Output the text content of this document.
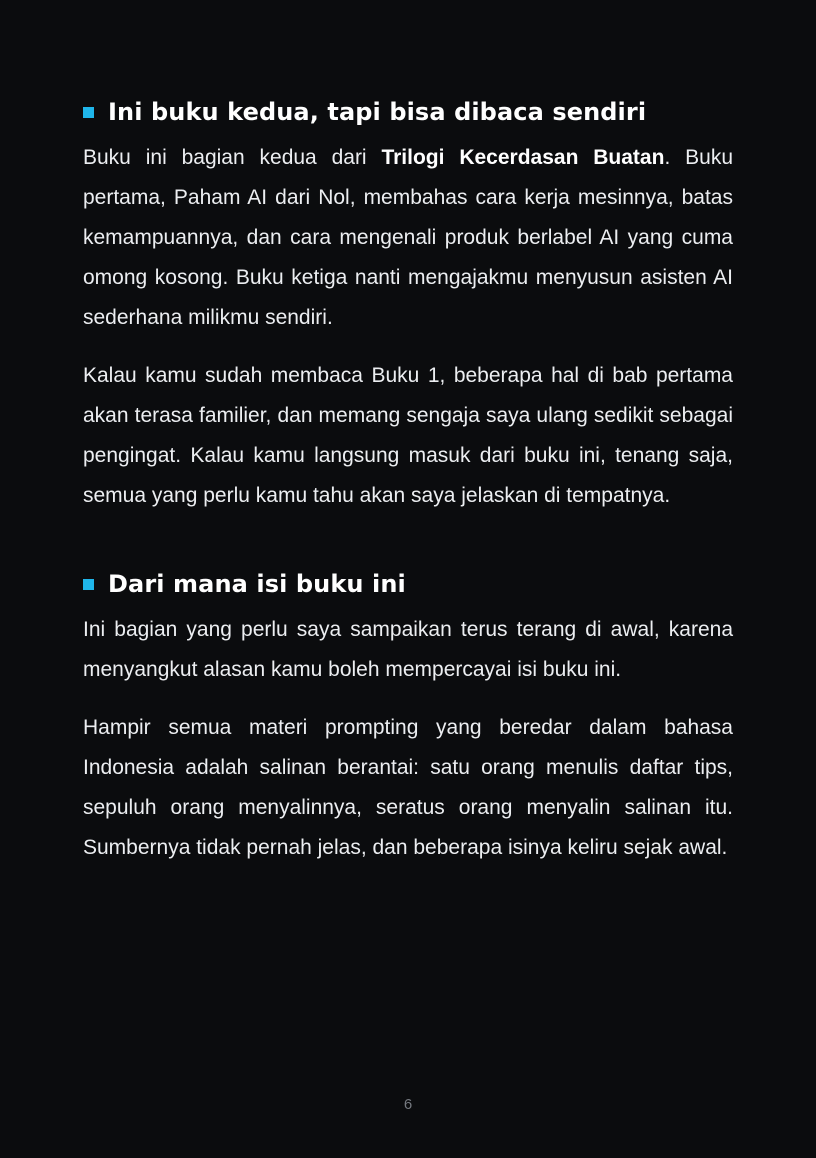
Ini buku kedua, tapi bisa dibaca sendiri

Buku ini bagian kedua dari Trilogi Kecerdasan Buatan. Buku pertama, Paham AI dari Nol, membahas cara kerja mesinnya, batas kemampuannya, dan cara mengenali produk berlabel AI yang cuma omong kosong. Buku ketiga nanti mengajakmu menyusun asisten AI sederhana milikmu sendiri.

Kalau kamu sudah membaca Buku 1, beberapa hal di bab pertama akan terasa familier, dan memang sengaja saya ulang sedikit sebagai pengingat. Kalau kamu langsung masuk dari buku ini, tenang saja, semua yang perlu kamu tahu akan saya jelaskan di tempatnya.

Dari mana isi buku ini

Ini bagian yang perlu saya sampaikan terus terang di awal, karena menyangkut alasan kamu boleh mempercayai isi buku ini.

Hampir semua materi prompting yang beredar dalam bahasa Indonesia adalah salinan berantai: satu orang menulis daftar tips, sepuluh orang menyalinnya, seratus orang menyalin salinan itu. Sumbernya tidak pernah jelas, dan beberapa isinya keliru sejak awal.

6
